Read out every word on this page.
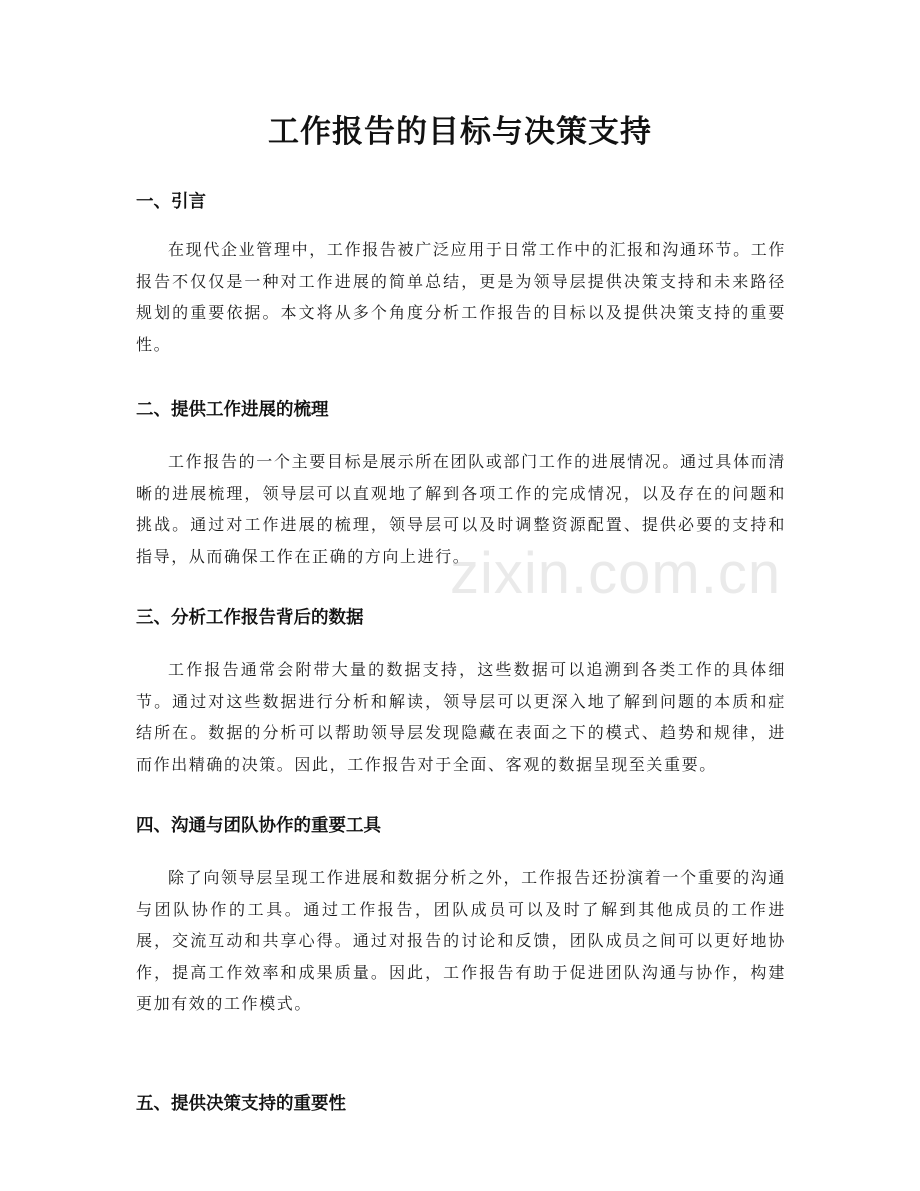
工作报告的目标与决策支持
一、引言

在现代企业管理中，工作报告被广泛应用于日常工作中的汇报和沟通环节。工作报告不仅仅是一种对工作进展的简单总结，更是为领导层提供决策支持和未来路径规划的重要依据。本文将从多个角度分析工作报告的目标以及提供决策支持的重要性。

二、提供工作进展的梳理

工作报告的一个主要目标是展示所在团队或部门工作的进展情况。通过具体而清晰的进展梳理，领导层可以直观地了解到各项工作的完成情况，以及存在的问题和挑战。通过对工作进展的梳理，领导层可以及时调整资源配置、提供必要的支持和指导，从而确保工作在正确的方向上进行。

三、分析工作报告背后的数据

工作报告通常会附带大量的数据支持，这些数据可以追溯到各类工作的具体细节。通过对这些数据进行分析和解读，领导层可以更深入地了解到问题的本质和症结所在。数据的分析可以帮助领导层发现隐藏在表面之下的模式、趋势和规律，进而作出精确的决策。因此，工作报告对于全面、客观的数据呈现至关重要。

四、沟通与团队协作的重要工具

除了向领导层呈现工作进展和数据分析之外，工作报告还扮演着一个重要的沟通与团队协作的工具。通过工作报告，团队成员可以及时了解到其他成员的工作进展，交流互动和共享心得。通过对报告的讨论和反馈，团队成员之间可以更好地协作，提高工作效率和成果质量。因此，工作报告有助于促进团队沟通与协作，构建更加有效的工作模式。

五、提供决策支持的重要性
zixin.com.cn
